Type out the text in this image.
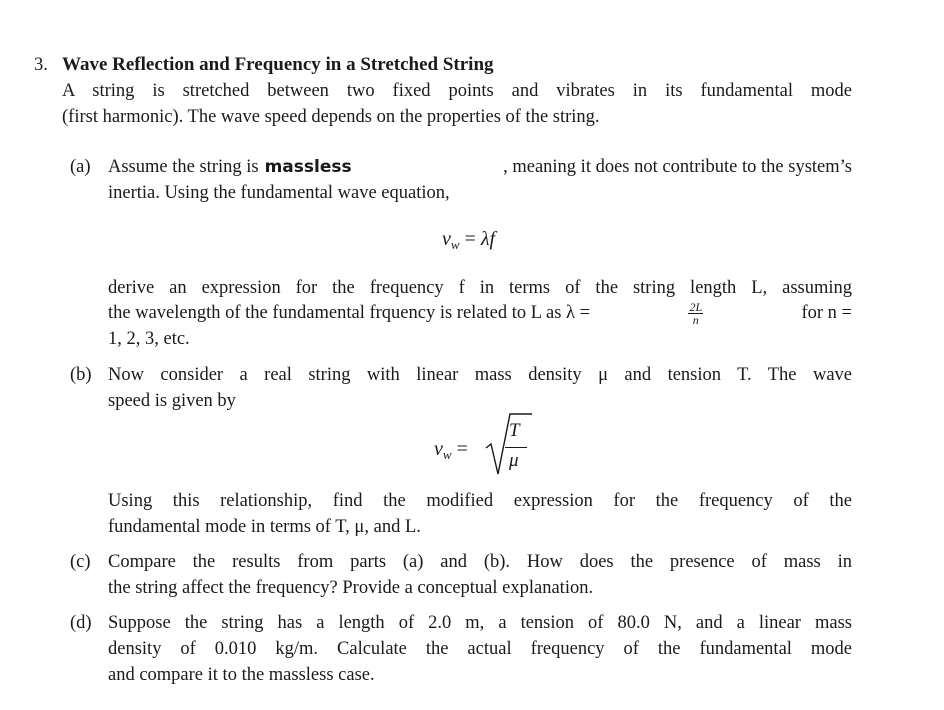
3. Wave Reflection and Frequency in a Stretched String
A string is stretched between two fixed points and vibrates in its fundamental mode
(first harmonic). The wave speed depends on the properties of the string.
(a) Assume the string is massless	, meaning it does not contribute to the system’s
inertia. Using the fundamental wave equation,
$v_w = \lambda f$
derive an expression for the frequency f in terms of the string length L, assuming
the wavelength of the fundamental frquency is related to L as λ =	$\frac{2L}{n}$	for n =
1, 2, 3, etc.
(b) Now consider a real string with linear mass density μ and tension T. The wave
speed is given by
$v_w$ =
T
μ
Using this relationship, find the modified expression for the frequency of the
fundamental mode in terms of T, μ, and L.
(c) Compare the results from parts (a) and (b). How does the presence of mass in
the string affect the frequency? Provide a conceptual explanation.
(d) Suppose the string has a length of 2.0 m, a tension of 80.0 N, and a linear mass
density of 0.010 kg/m. Calculate the actual frequency of the fundamental mode
and compare it to the massless case.
